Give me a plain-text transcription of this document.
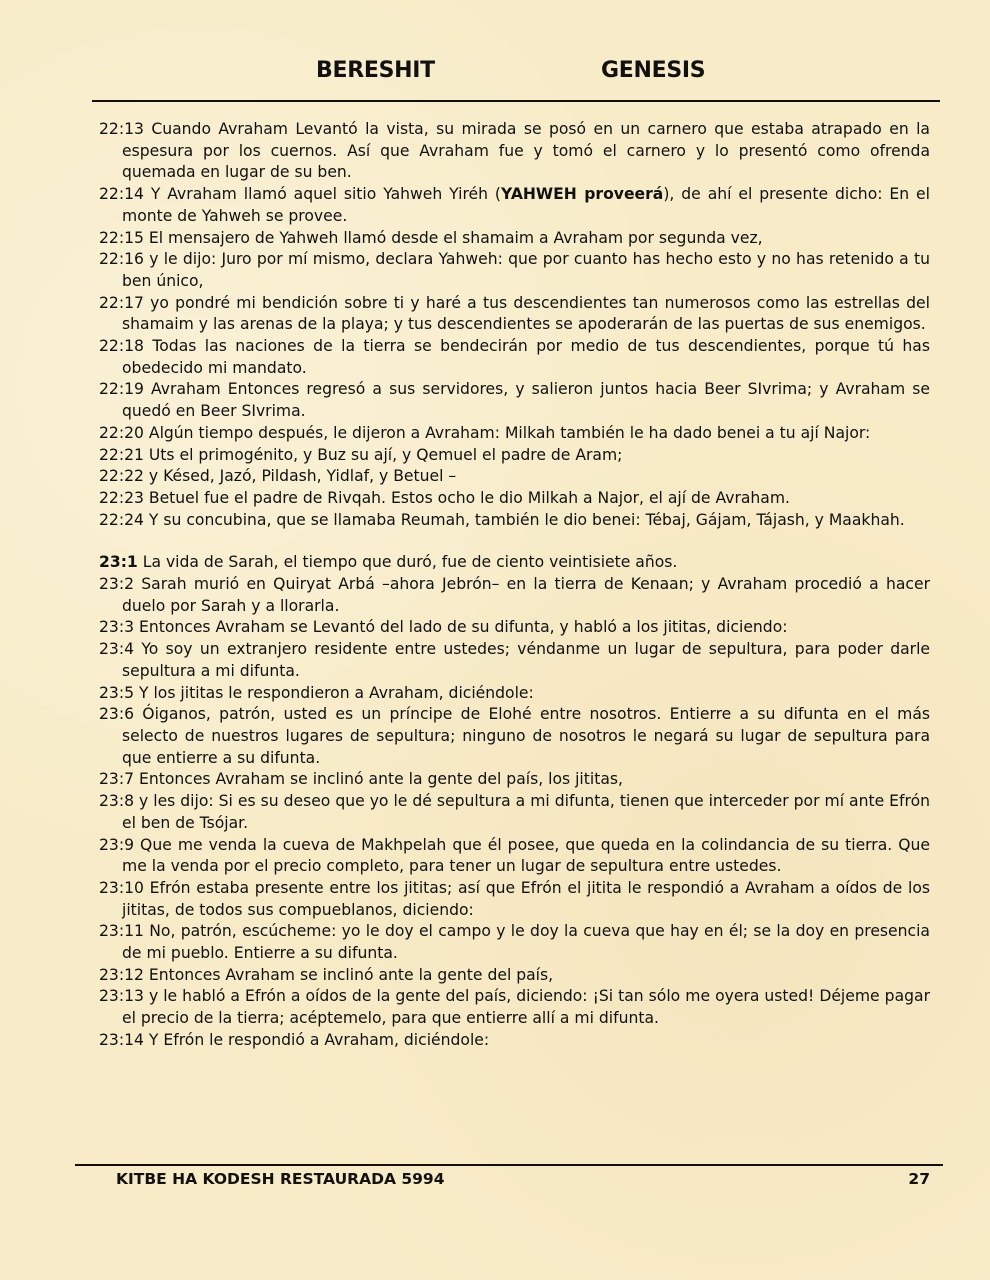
BERESHIT	GENESIS

22:13 Cuando Avraham Levantó la vista, su mirada se posó en un carnero que estaba atrapado en la espesura por los cuernos. Así que Avraham fue y tomó el carnero y lo presentó como ofrenda quemada en lugar de su ben.

22:14 Y Avraham llamó aquel sitio Yahweh Yiréh (YAHWEH proveerá), de ahí el presente dicho: En el monte de Yahweh se provee.

22:15 El mensajero de Yahweh llamó desde el shamaim a Avraham por segunda vez,

22:16 y le dijo: Juro por mí mismo, declara Yahweh: que por cuanto has hecho esto y no has retenido a tu ben único,

22:17 yo pondré mi bendición sobre ti y haré a tus descendientes tan numerosos como las estrellas del shamaim y las arenas de la playa; y tus descendientes se apoderarán de las puertas de sus enemigos.

22:18 Todas las naciones de la tierra se bendecirán por medio de tus descendientes, porque tú has obedecido mi mandato.

22:19 Avraham Entonces regresó a sus servidores, y salieron juntos hacia Beer SIvrima; y Avraham se quedó en Beer SIvrima.

22:20 Algún tiempo después, le dijeron a Avraham: Milkah también le ha dado benei a tu ají Najor:

22:21 Uts el primogénito, y Buz su ají, y Qemuel el padre de Aram;

22:22 y Késed, Jazó, Pildash, Yidlaf, y Betuel –

22:23 Betuel fue el padre de Rivqah. Estos ocho le dio Milkah a Najor, el ají de Avraham.

22:24 Y su concubina, que se llamaba Reumah, también le dio benei: Tébaj, Gájam, Tájash, y Maakhah.

23:1 La vida de Sarah, el tiempo que duró, fue de ciento veintisiete años.

23:2 Sarah murió en Quiryat Arbá –ahora Jebrón– en la tierra de Kenaan; y Avraham procedió a hacer duelo por Sarah y a llorarla.

23:3 Entonces Avraham se Levantó del lado de su difunta, y habló a los jititas, diciendo:

23:4 Yo soy un extranjero residente entre ustedes; véndanme un lugar de sepultura, para poder darle sepultura a mi difunta.

23:5 Y los jititas le respondieron a Avraham, diciéndole:

23:6 Óiganos, patrón, usted es un príncipe de Elohé entre nosotros. Entierre a su difunta en el más selecto de nuestros lugares de sepultura; ninguno de nosotros le negará su lugar de sepultura para que entierre a su difunta.

23:7 Entonces Avraham se inclinó ante la gente del país, los jititas,

23:8 y les dijo: Si es su deseo que yo le dé sepultura a mi difunta, tienen que interceder por mí ante Efrón el ben de Tsójar.

23:9 Que me venda la cueva de Makhpelah que él posee, que queda en la colindancia de su tierra. Que me la venda por el precio completo, para tener un lugar de sepultura entre ustedes.

23:10 Efrón estaba presente entre los jititas; así que Efrón el jitita le respondió a Avraham a oídos de los jititas, de todos sus compueblanos, diciendo:

23:11 No, patrón, escúcheme: yo le doy el campo y le doy la cueva que hay en él; se la doy en presencia de mi pueblo. Entierre a su difunta.

23:12 Entonces Avraham se inclinó ante la gente del país,

23:13 y le habló a Efrón a oídos de la gente del país, diciendo: ¡Si tan sólo me oyera usted! Déjeme pagar el precio de la tierra; acéptemelo, para que entierre allí a mi difunta.

23:14 Y Efrón le respondió a Avraham, diciéndole:

KITBE HA KODESH RESTAURADA 5994	27
